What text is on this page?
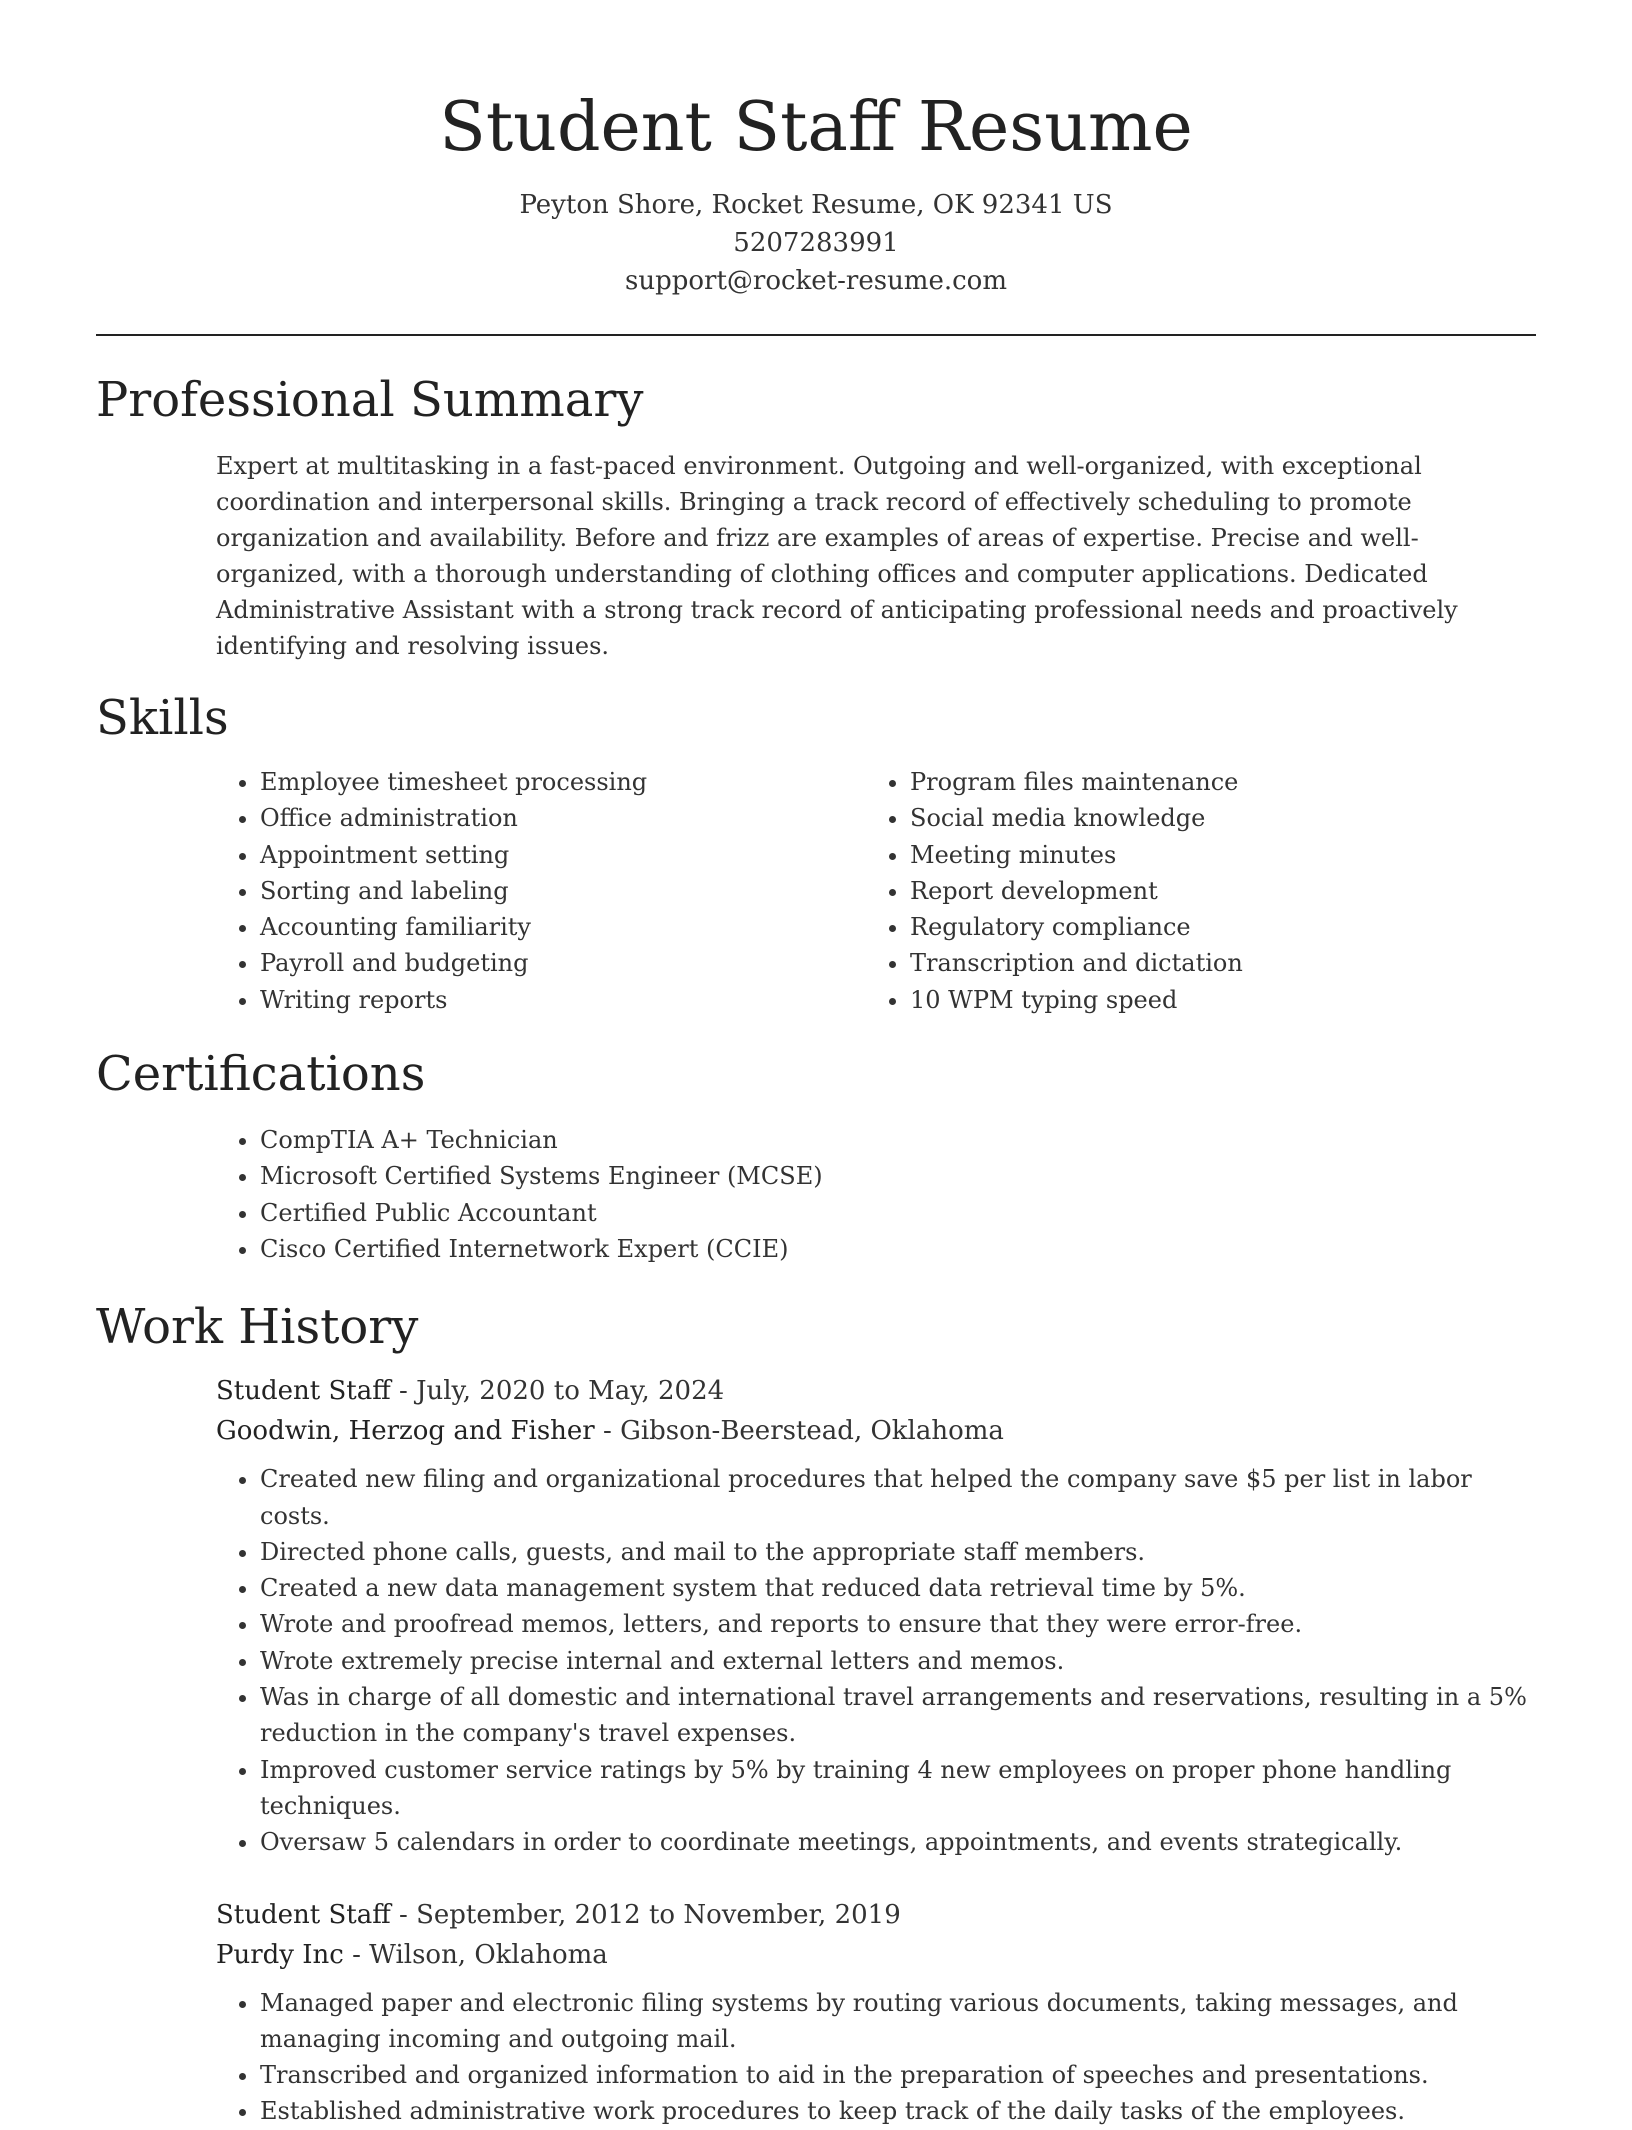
Student Staff Resume
Peyton Shore, Rocket Resume, OK 92341 US
5207283991
support@rocket-resume.com
Professional Summary

Expert at multitasking in a fast-paced environment. Outgoing and well-organized, with exceptional coordination and interpersonal skills. Bringing a track record of effectively scheduling to promote organization and availability. Before and frizz are examples of areas of expertise. Precise and well-organized, with a thorough understanding of clothing offices and computer applications. Dedicated Administrative Assistant with a strong track record of anticipating professional needs and proactively identifying and resolving issues.

Skills
• Employee timesheet processing
• Office administration
• Appointment setting
• Sorting and labeling
• Accounting familiarity
• Payroll and budgeting
• Writing reports
• Program files maintenance
• Social media knowledge
• Meeting minutes
• Report development
• Regulatory compliance
• Transcription and dictation
• 10 WPM typing speed
Certifications
• CompTIA A+ Technician
• Microsoft Certified Systems Engineer (MCSE)
• Certified Public Accountant
• Cisco Certified Internetwork Expert (CCIE)
Work History
Student Staff - July, 2020 to May, 2024
Goodwin, Herzog and Fisher - Gibson-Beerstead, Oklahoma
• Created new filing and organizational procedures that helped the company save $5 per list in labor costs.
• Directed phone calls, guests, and mail to the appropriate staff members.
• Created a new data management system that reduced data retrieval time by 5%.
• Wrote and proofread memos, letters, and reports to ensure that they were error-free.
• Wrote extremely precise internal and external letters and memos.
• Was in charge of all domestic and international travel arrangements and reservations, resulting in a 5% reduction in the company's travel expenses.
• Improved customer service ratings by 5% by training 4 new employees on proper phone handling techniques.
• Oversaw 5 calendars in order to coordinate meetings, appointments, and events strategically.
Student Staff - September, 2012 to November, 2019
Purdy Inc - Wilson, Oklahoma
• Managed paper and electronic filing systems by routing various documents, taking messages, and managing incoming and outgoing mail.
• Transcribed and organized information to aid in the preparation of speeches and presentations.
• Established administrative work procedures to keep track of the daily tasks of the employees.
